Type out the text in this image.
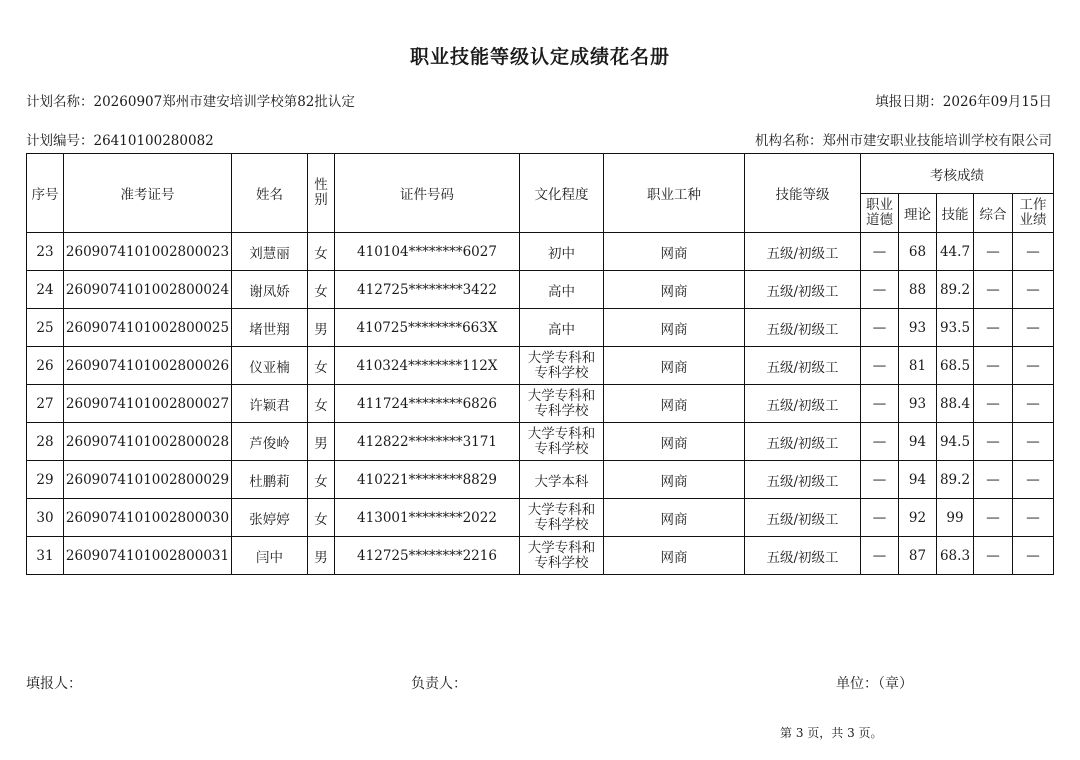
职业技能等级认定成绩花名册
计划名称：20260907郑州市建安培训学校第82批认定	填报日期：2026年09月15日
计划编号：26410100280082	机构名称：郑州市建安职业技能培训学校有限公司
序号	准考证号	姓名	性
别	证件号码	文化程度	职业工种	技能等级	考核成绩				

								职业
道德	理论	技能	综合	工作
业绩

23	2609074101002800023	刘慧丽	女	410104********6027	初中	网商	五级/初级工	—	68	44.7	—	—
24	2609074101002800024	谢凤娇	女	412725********3422	高中	网商	五级/初级工	—	88	89.2	—	—
25	2609074101002800025	堵世翔	男	410725********663X	高中	网商	五级/初级工	—	93	93.5	—	—
26	2609074101002800026	仪亚楠	女	410324********112X	大学专科和
专科学校	网商	五级/初级工	—	81	68.5	—	—
27	2609074101002800027	许颖君	女	411724********6826	大学专科和
专科学校	网商	五级/初级工	—	93	88.4	—	—
28	2609074101002800028	芦俊岭	男	412822********3171	大学专科和
专科学校	网商	五级/初级工	—	94	94.5	—	—
29	2609074101002800029	杜鹏莉	女	410221********8829	大学本科	网商	五级/初级工	—	94	89.2	—	—
30	2609074101002800030	张婷婷	女	413001********2022	大学专科和
专科学校	网商	五级/初级工	—	92	99	—	—
31	2609074101002800031	闫中	男	412725********2216	大学专科和
专科学校	网商	五级/初级工	—	87	68.3	—	—
填报人：	负责人：	单位：（章）
第 3 页，共 3 页。
